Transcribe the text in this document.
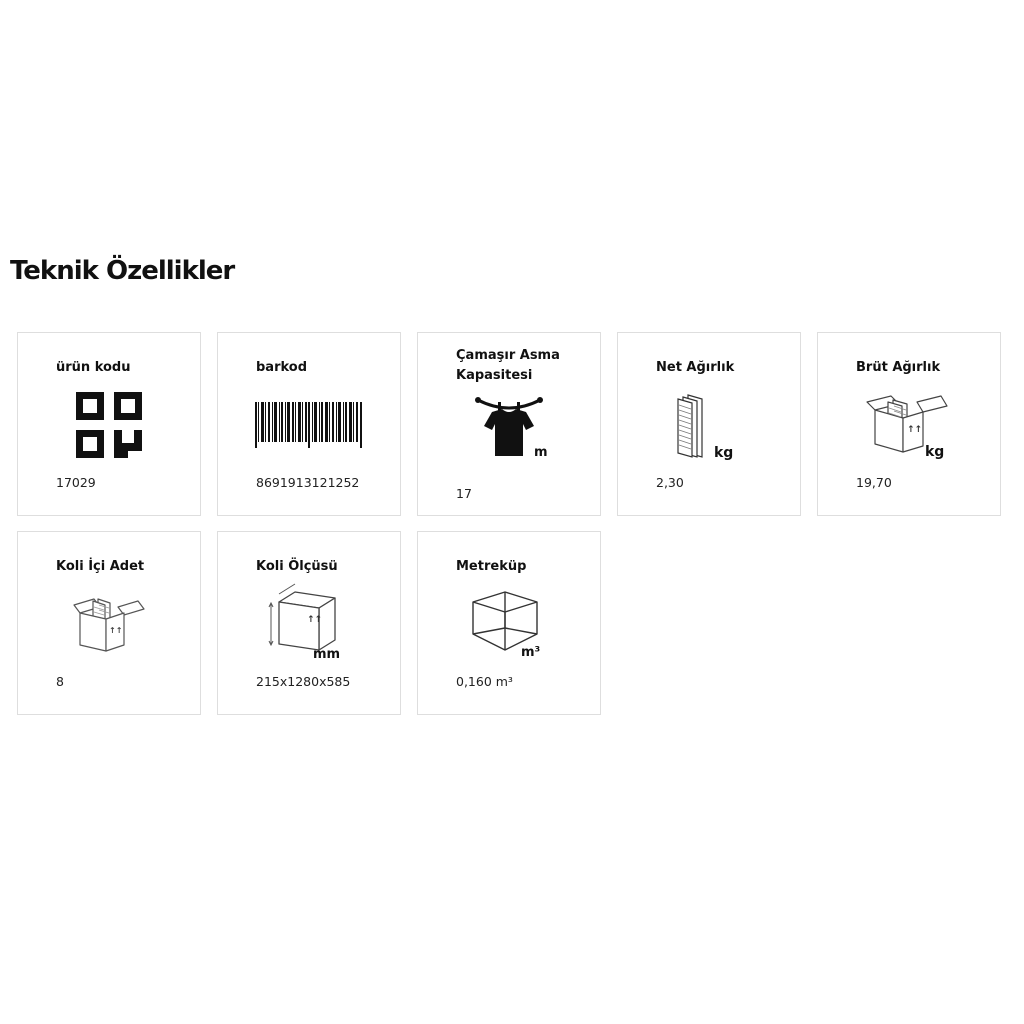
Teknik Özellikler
ürün kodu
17029
barkod
8691913121252
Çamaşır Asma Kapasitesi
m
17
Net Ağırlık
kg
2,30
Brüt Ağırlık
↑↑
kg
19,70
Koli İçi Adet
↑↑
8
Koli Ölçüsü
↑↑
mm
215x1280x585
Metreküp
m³
0,160 m³
